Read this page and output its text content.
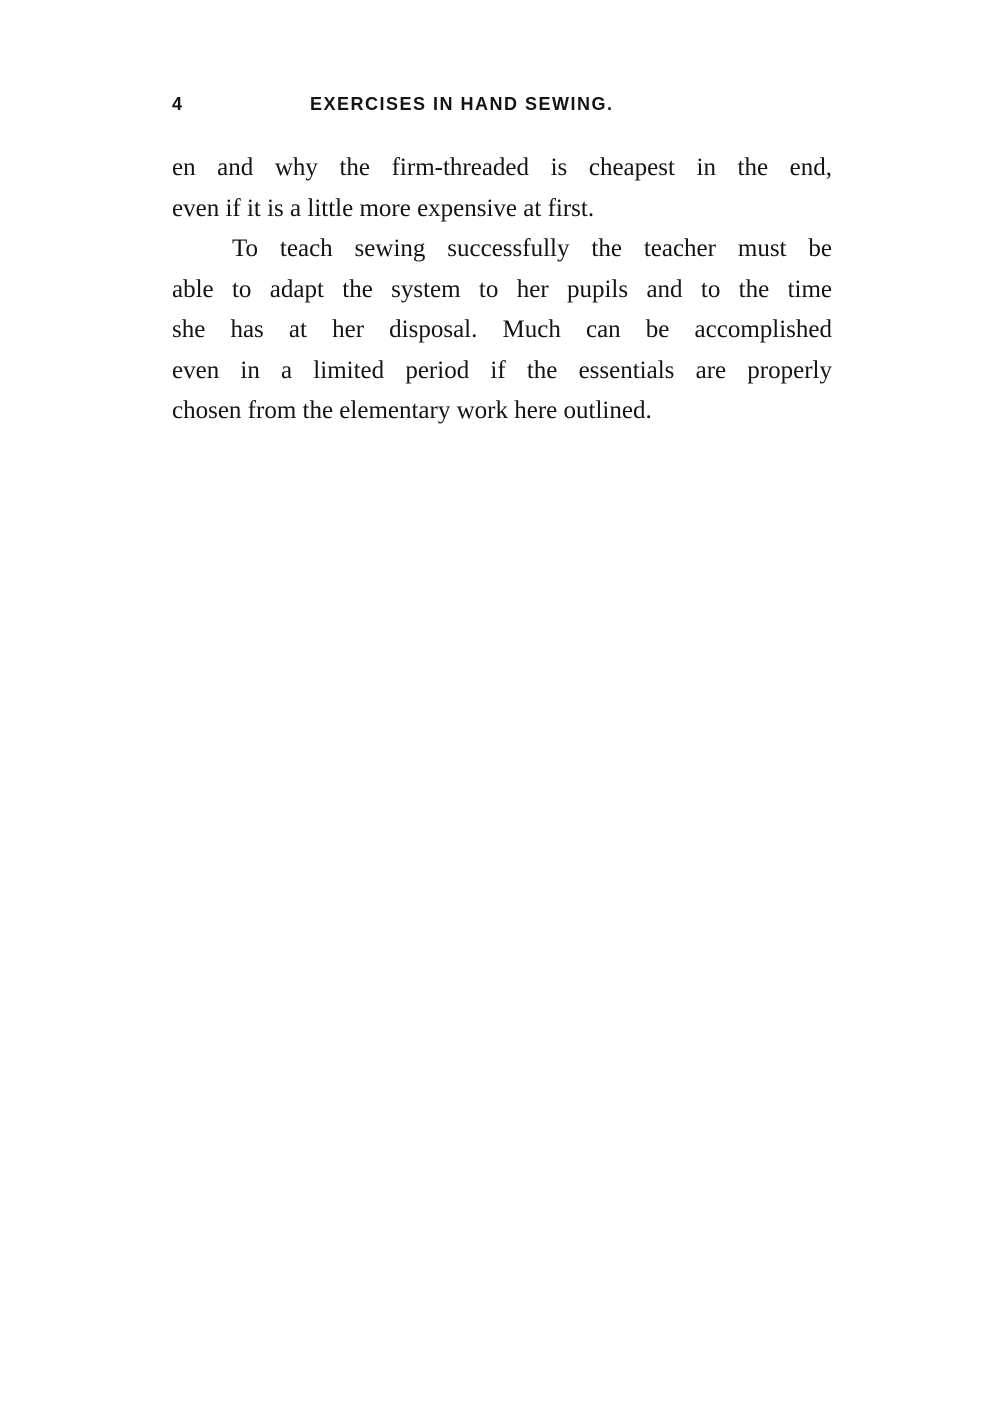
4	EXERCISES IN HAND SEWING.
en and why the firm-threaded is cheapest in the end,
even if it is a little more expensive at first.
To teach sewing successfully the teacher must be
able to adapt the system to her pupils and to the time
she has at her disposal. Much can be accomplished
even in a limited period if the essentials are properly
chosen from the elementary work here outlined.
